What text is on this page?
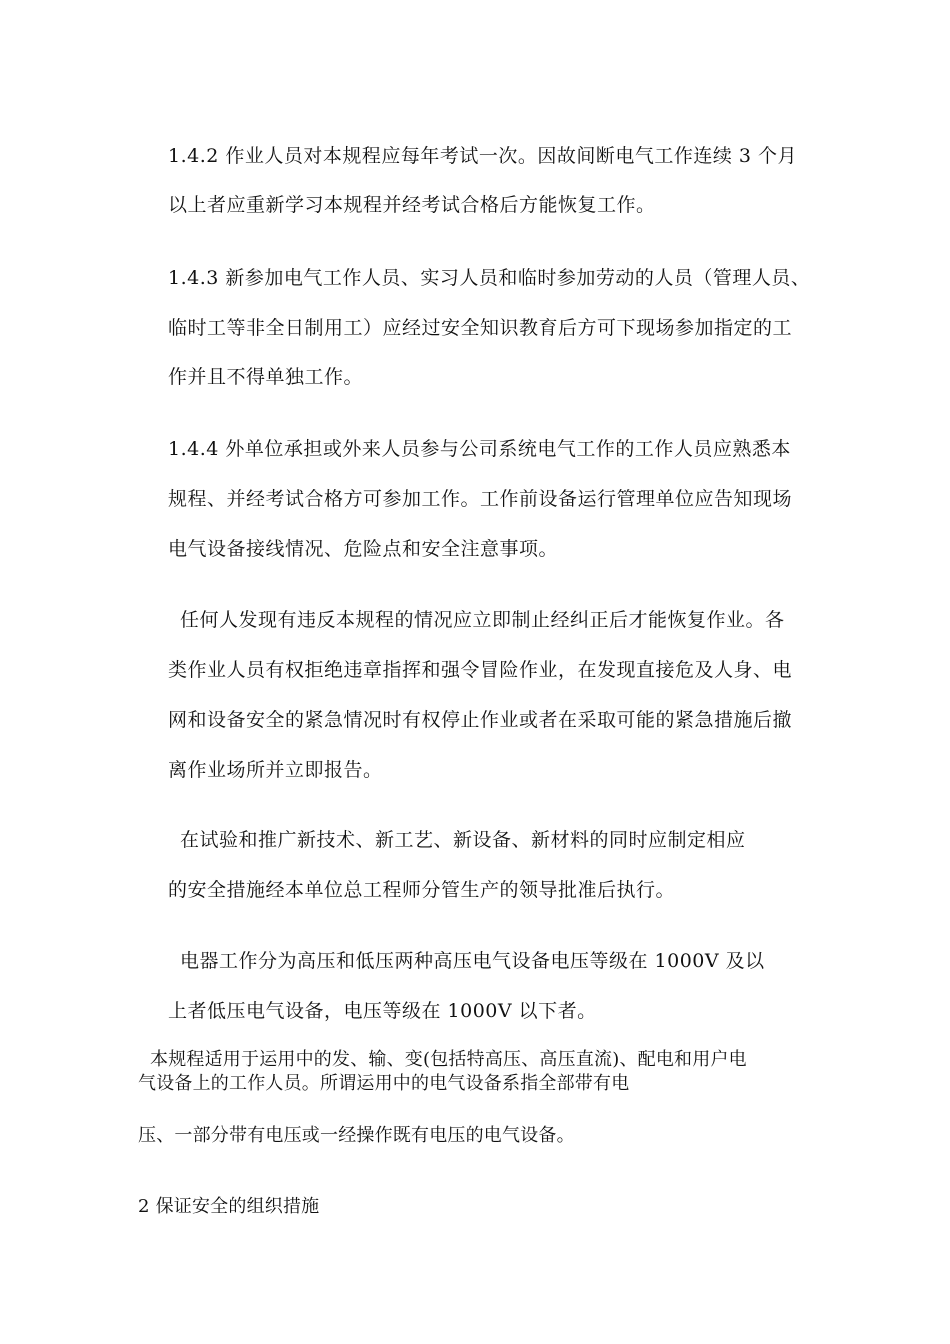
1.4.2 作业人员对本规程应每年考试一次。因故间断电气工作连续 3 个月
以上者应重新学习本规程并经考试合格后方能恢复工作。
1.4.3 新参加电气工作人员、实习人员和临时参加劳动的人员（管理人员、
临时工等非全日制用工）应经过安全知识教育后方可下现场参加指定的工
作并且不得单独工作。
1.4.4 外单位承担或外来人员参与公司系统电气工作的工作人员应熟悉本
规程、并经考试合格方可参加工作。工作前设备运行管理单位应告知现场
电气设备接线情况、危险点和安全注意事项。
任何人发现有违反本规程的情况应立即制止经纠正后才能恢复作业。各
类作业人员有权拒绝违章指挥和强令冒险作业，在发现直接危及人身、电
网和设备安全的紧急情况时有权停止作业或者在采取可能的紧急措施后撤
离作业场所并立即报告。
在试验和推广新技术、新工艺、新设备、新材料的同时应制定相应
的安全措施经本单位总工程师分管生产的领导批准后执行。
电器工作分为高压和低压两种高压电气设备电压等级在 1000V 及以
上者低压电气设备，电压等级在 1000V 以下者。
本规程适用于运用中的发、输、变(包括特高压、高压直流)、配电和用户电
气设备上的工作人员。所谓运用中的电气设备系指全部带有电
压、一部分带有电压或一经操作既有电压的电气设备。
2 保证安全的组织措施
